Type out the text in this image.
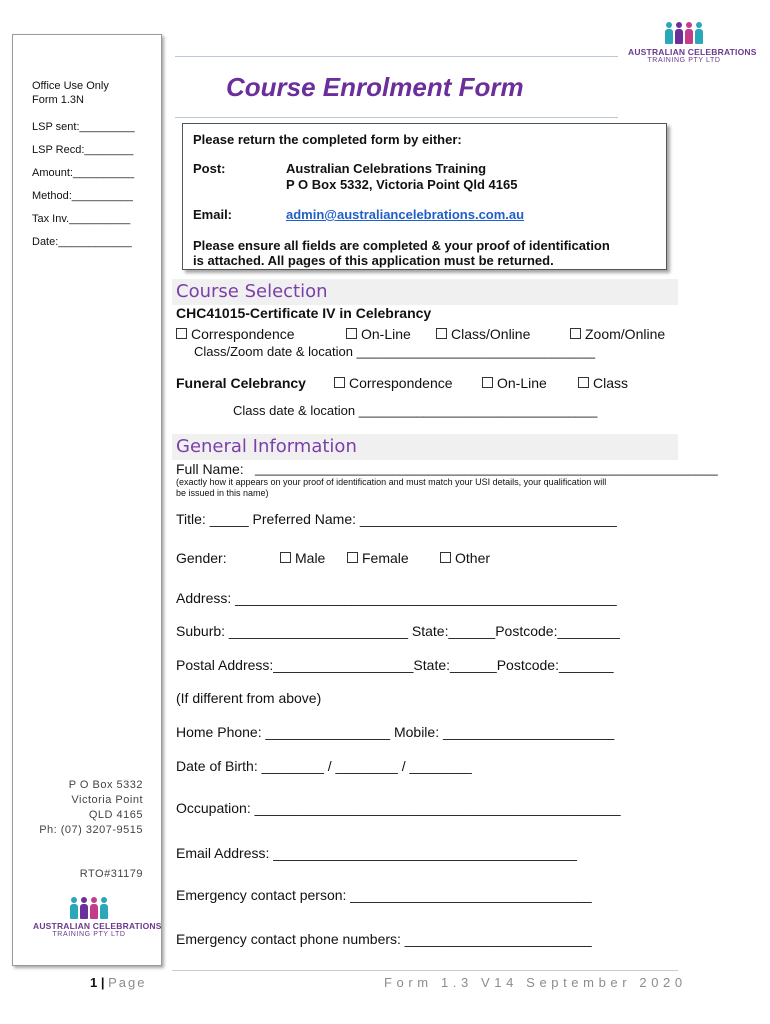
Office Use Only
Form 1.3N
LSP sent:_________
LSP Recd:________
Amount:__________
Method:__________
Tax Inv.__________
Date:____________
P O Box 5332
Victoria Point
QLD 4165
Ph: (07) 3207-9515
RTO#31179
AUSTRALIAN CELEBRATIONS
TRAINING PTY LTD
AUSTRALIAN CELEBRATIONS
TRAINING PTY LTD
Course Enrolment Form
Please return the completed form by either:
Post:	Australian Celebrations Training
P O Box 5332, Victoria Point Qld 4165
Email:	admin@australiancelebrations.com.au
Please ensure all fields are completed & your proof of identification
is attached. All pages of this application must be returned.
Course Selection
CHC41015-Certificate IV in Celebrancy
Correspondence	On-Line	Class/Online	Zoom/Online
Class/Zoom date & location _________________________________
Funeral Celebrancy	Correspondence	On-Line	Class
Class date & location _________________________________
General Information
Full Name: ________________________________________________________________
(exactly how it appears on your proof of identification and must match your USI details, your qualification will
be issued in this name)
Title: _____ Preferred Name: _________________________________
Gender:	Male	Female	Other
Address: _________________________________________________
Suburb: _______________________ State:______Postcode:________
Postal Address:__________________State:______Postcode:_______
(If different from above)
Home Phone: ________________ Mobile: ______________________
Date of Birth: ________ / ________ / ________
Occupation: _______________________________________________
Email Address: _______________________________________
Emergency contact person: _______________________________
Emergency contact phone numbers: ________________________
1 | Page	Form 1.3 V14 September 2020
